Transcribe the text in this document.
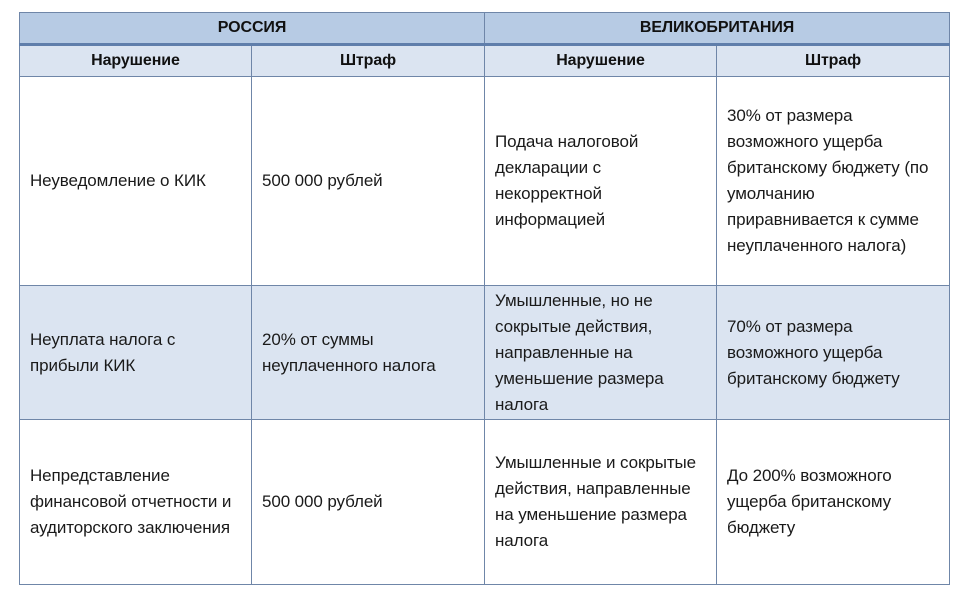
РОССИЯ		ВЕЛИКОБРИТАНИЯ	
Нарушение	Штраф	Нарушение	Штраф

Неуведомление о КИК	500 000 рублей	Подача налоговой декларации с некорректной информацией	30% от размера возможного ущерба британскому бюджету (по умолчанию приравнивается к сумме неуплаченного налога)

Неуплата налога с прибыли КИК	20% от суммы неуплаченного налога	Умышленные, но не сокрытые действия, направленные на уменьшение размера налога	70% от размера возможного ущерба британскому бюджету

Непредставление финансовой отчетности и аудиторского заключения	500 000 рублей	Умышленные и сокрытые действия, направленные на уменьшение размера налога	До 200% возможного ущерба британскому бюджету
